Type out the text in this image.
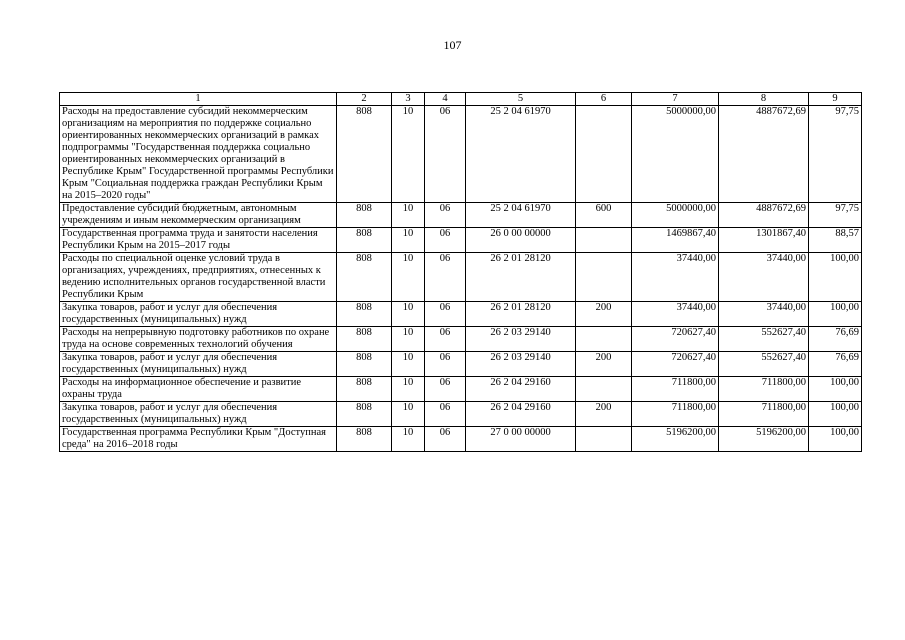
107
1	2	3	4	5	6	7	8	9
Расходы на предоставление субсидий некоммерческим организациям на мероприятия по поддержке социально ориентированных некоммерческих организаций в рамках подпрограммы "Государственная поддержка социально ориентированных некоммерческих организаций в Республике Крым" Государственной программы Республики Крым "Социальная поддержка граждан Республики Крым на 2015–2020 годы"	808	10	06	25 2 04 61970		5000000,00	4887672,69	97,75
Предоставление субсидий бюджетным, автономным учреждениям и иным некоммерческим организациям	808	10	06	25 2 04 61970	600	5000000,00	4887672,69	97,75
Государственная программа труда и занятости населения Республики Крым на 2015–2017 годы	808	10	06	26 0 00 00000		1469867,40	1301867,40	88,57
Расходы по специальной оценке условий труда в организациях, учреждениях, предприятиях, отнесенных к ведению исполнительных органов государственной власти Республики Крым	808	10	06	26 2 01 28120		37440,00	37440,00	100,00
Закупка товаров, работ и услуг для обеспечения государственных (муниципальных) нужд	808	10	06	26 2 01 28120	200	37440,00	37440,00	100,00
Расходы на непрерывную подготовку работников по охране труда на основе современных технологий обучения	808	10	06	26 2 03 29140		720627,40	552627,40	76,69
Закупка товаров, работ и услуг для обеспечения государственных (муниципальных) нужд	808	10	06	26 2 03 29140	200	720627,40	552627,40	76,69
Расходы на информационное обеспечение и развитие охраны труда	808	10	06	26 2 04 29160		711800,00	711800,00	100,00
Закупка товаров, работ и услуг для обеспечения государственных (муниципальных) нужд	808	10	06	26 2 04 29160	200	711800,00	711800,00	100,00
Государственная программа Республики Крым "Доступная среда" на 2016–2018 годы	808	10	06	27 0 00 00000		5196200,00	5196200,00	100,00
